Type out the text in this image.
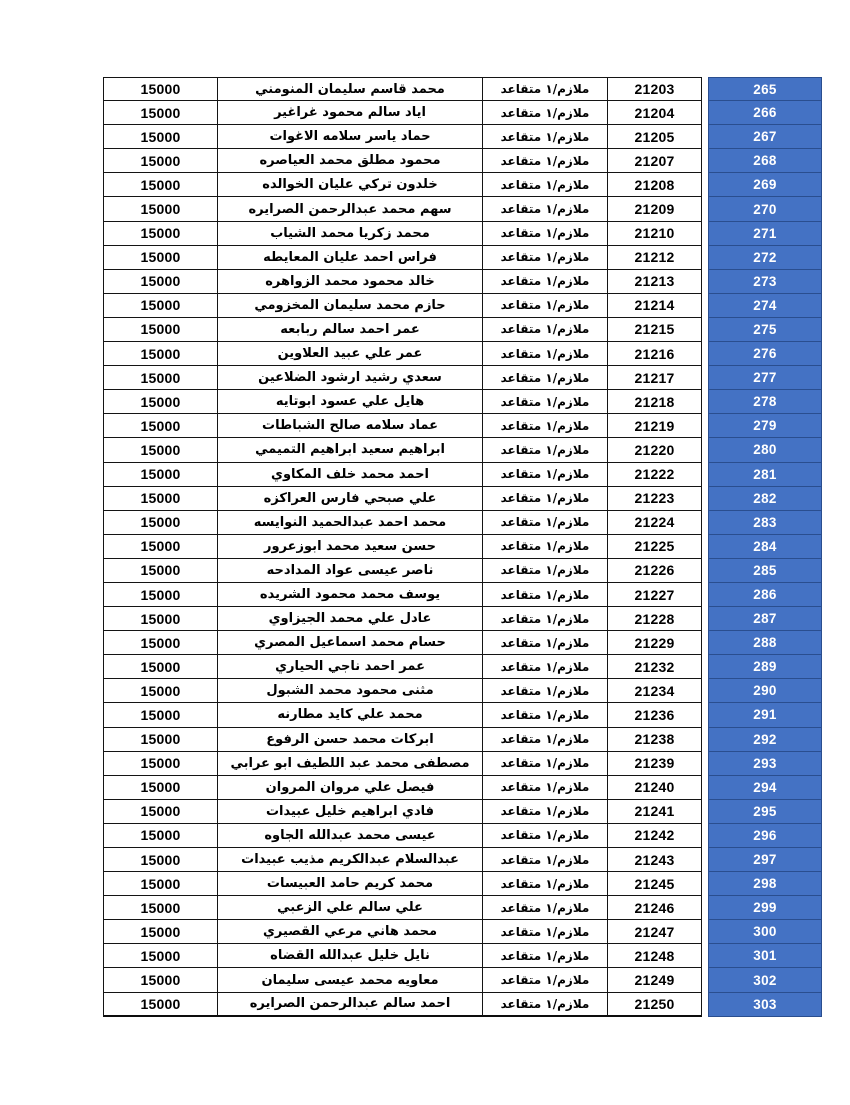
15000	محمد قاسم سليمان المنومني	ملازم/١ متقاعد	21203	265
15000	اياد سالم محمود غراغير	ملازم/١ متقاعد	21204	266
15000	حماد ياسر سلامه الاغوات	ملازم/١ متقاعد	21205	267
15000	محمود مطلق محمد العياصره	ملازم/١ متقاعد	21207	268
15000	خلدون تركي عليان الخوالده	ملازم/١ متقاعد	21208	269
15000	سهم محمد عبدالرحمن الصرايره	ملازم/١ متقاعد	21209	270
15000	محمد زكريا محمد الشياب	ملازم/١ متقاعد	21210	271
15000	فراس احمد عليان المعايطه	ملازم/١ متقاعد	21212	272
15000	خالد محمود محمد الزواهره	ملازم/١ متقاعد	21213	273
15000	حازم محمد سليمان المخزومي	ملازم/١ متقاعد	21214	274
15000	عمر احمد سالم ربابعه	ملازم/١ متقاعد	21215	275
15000	عمر علي عبيد العلاوين	ملازم/١ متقاعد	21216	276
15000	سعدي رشيد ارشود الضلاعين	ملازم/١ متقاعد	21217	277
15000	هايل علي عسود ابوتايه	ملازم/١ متقاعد	21218	278
15000	عماد سلامه صالح الشباطات	ملازم/١ متقاعد	21219	279
15000	ابراهيم سعيد ابراهيم التميمي	ملازم/١ متقاعد	21220	280
15000	احمد محمد خلف المكاوي	ملازم/١ متقاعد	21222	281
15000	علي صبحي فارس العراكزه	ملازم/١ متقاعد	21223	282
15000	محمد احمد عبدالحميد النوايسه	ملازم/١ متقاعد	21224	283
15000	حسن سعيد محمد ابوزعرور	ملازم/١ متقاعد	21225	284
15000	ناصر عيسى عواد المدادحه	ملازم/١ متقاعد	21226	285
15000	يوسف محمد محمود الشريده	ملازم/١ متقاعد	21227	286
15000	عادل علي محمد الجيزاوي	ملازم/١ متقاعد	21228	287
15000	حسام محمد اسماعيل المصري	ملازم/١ متقاعد	21229	288
15000	عمر احمد ناجي الحياري	ملازم/١ متقاعد	21232	289
15000	مثنى محمود محمد الشبول	ملازم/١ متقاعد	21234	290
15000	محمد علي كايد مطارنه	ملازم/١ متقاعد	21236	291
15000	ابركات محمد حسن الرفوع	ملازم/١ متقاعد	21238	292
15000	مصطفى محمد عبد اللطيف ابو عرابي	ملازم/١ متقاعد	21239	293
15000	فيصل علي مروان المروان	ملازم/١ متقاعد	21240	294
15000	فادي ابراهيم خليل عبيدات	ملازم/١ متقاعد	21241	295
15000	عيسى محمد عبدالله الجاوه	ملازم/١ متقاعد	21242	296
15000	عبدالسلام عبدالكريم مذيب عبيدات	ملازم/١ متقاعد	21243	297
15000	محمد كريم حامد العبيسات	ملازم/١ متقاعد	21245	298
15000	علي سالم علي الزعبي	ملازم/١ متقاعد	21246	299
15000	محمد هاني مرعي القصيري	ملازم/١ متقاعد	21247	300
15000	نايل خليل عبدالله القضاه	ملازم/١ متقاعد	21248	301
15000	معاويه محمد عيسى سليمان	ملازم/١ متقاعد	21249	302
15000	احمد سالم عبدالرحمن الصرايره	ملازم/١ متقاعد	21250	303
